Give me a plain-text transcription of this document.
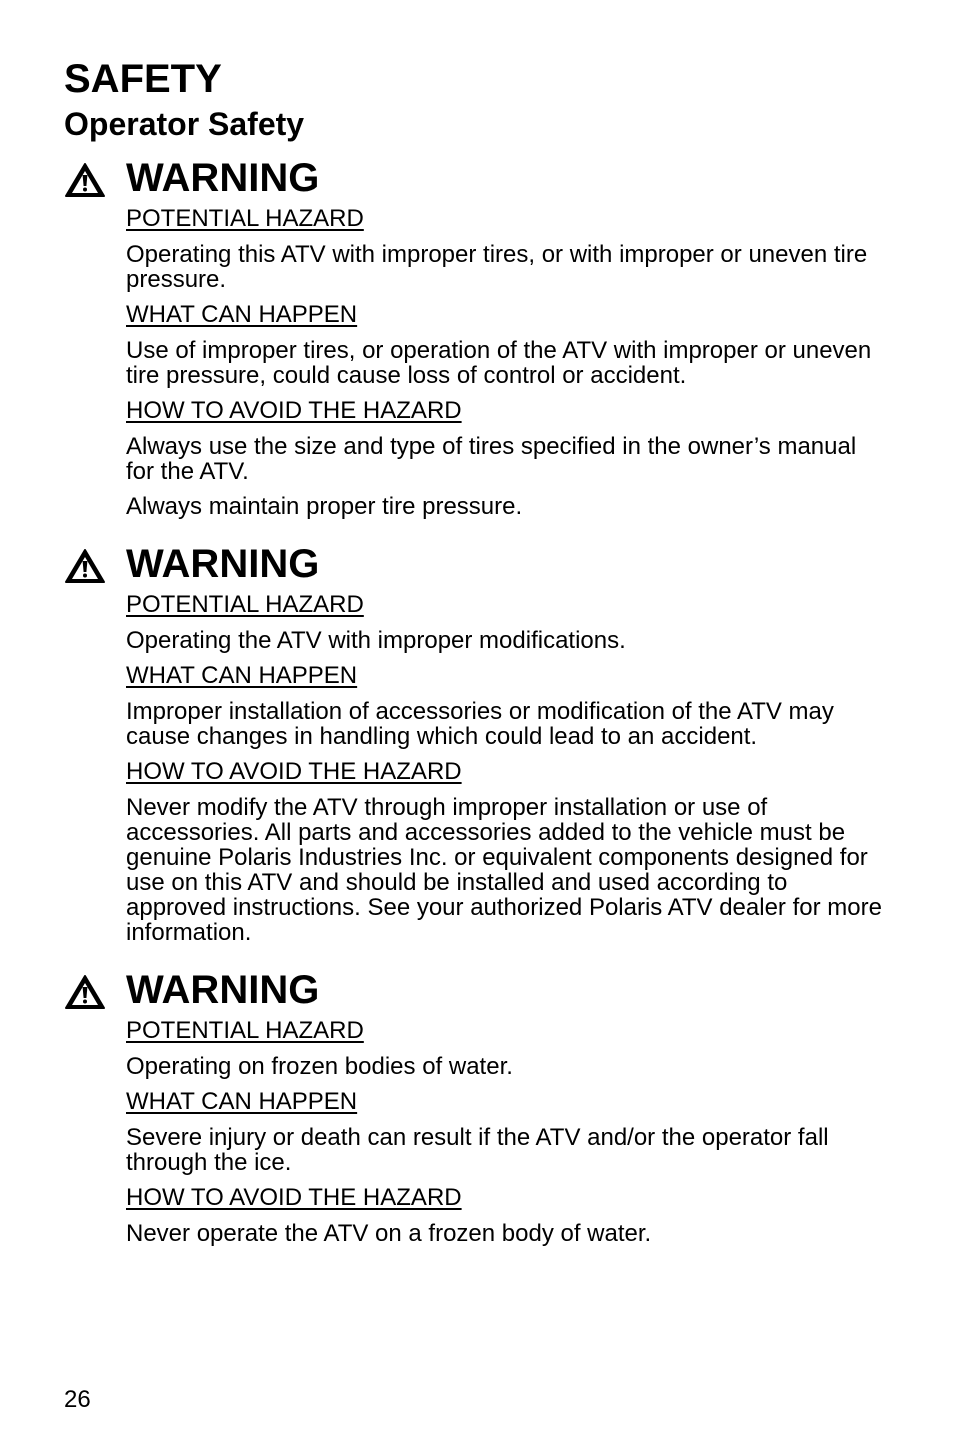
SAFETY
Operator Safety
WARNING

POTENTIAL HAZARD

Operating this ATV with improper tires, or with improper or uneven tire pressure.

WHAT CAN HAPPEN

Use of improper tires, or operation of the ATV with improper or uneven tire pressure, could cause loss of control or accident.

HOW TO AVOID THE HAZARD

Always use the size and type of tires specified in the owner’s manual for the ATV.

Always maintain proper tire pressure.

WARNING

POTENTIAL HAZARD

Operating the ATV with improper modifications.

WHAT CAN HAPPEN

Improper installation of accessories or modification of the ATV may cause changes in handling which could lead to an accident.

HOW TO AVOID THE HAZARD

Never modify the ATV through improper installation or use of accessories. All parts and accessories added to the vehicle must be genuine Polaris Industries Inc. or equivalent components designed for use on this ATV and should be installed and used according to approved instructions. See your authorized Polaris ATV dealer for more information.

WARNING

POTENTIAL HAZARD

Operating on frozen bodies of water.

WHAT CAN HAPPEN

Severe injury or death can result if the ATV and/or the operator fall through the ice.

HOW TO AVOID THE HAZARD

Never operate the ATV on a frozen body of water.

26
